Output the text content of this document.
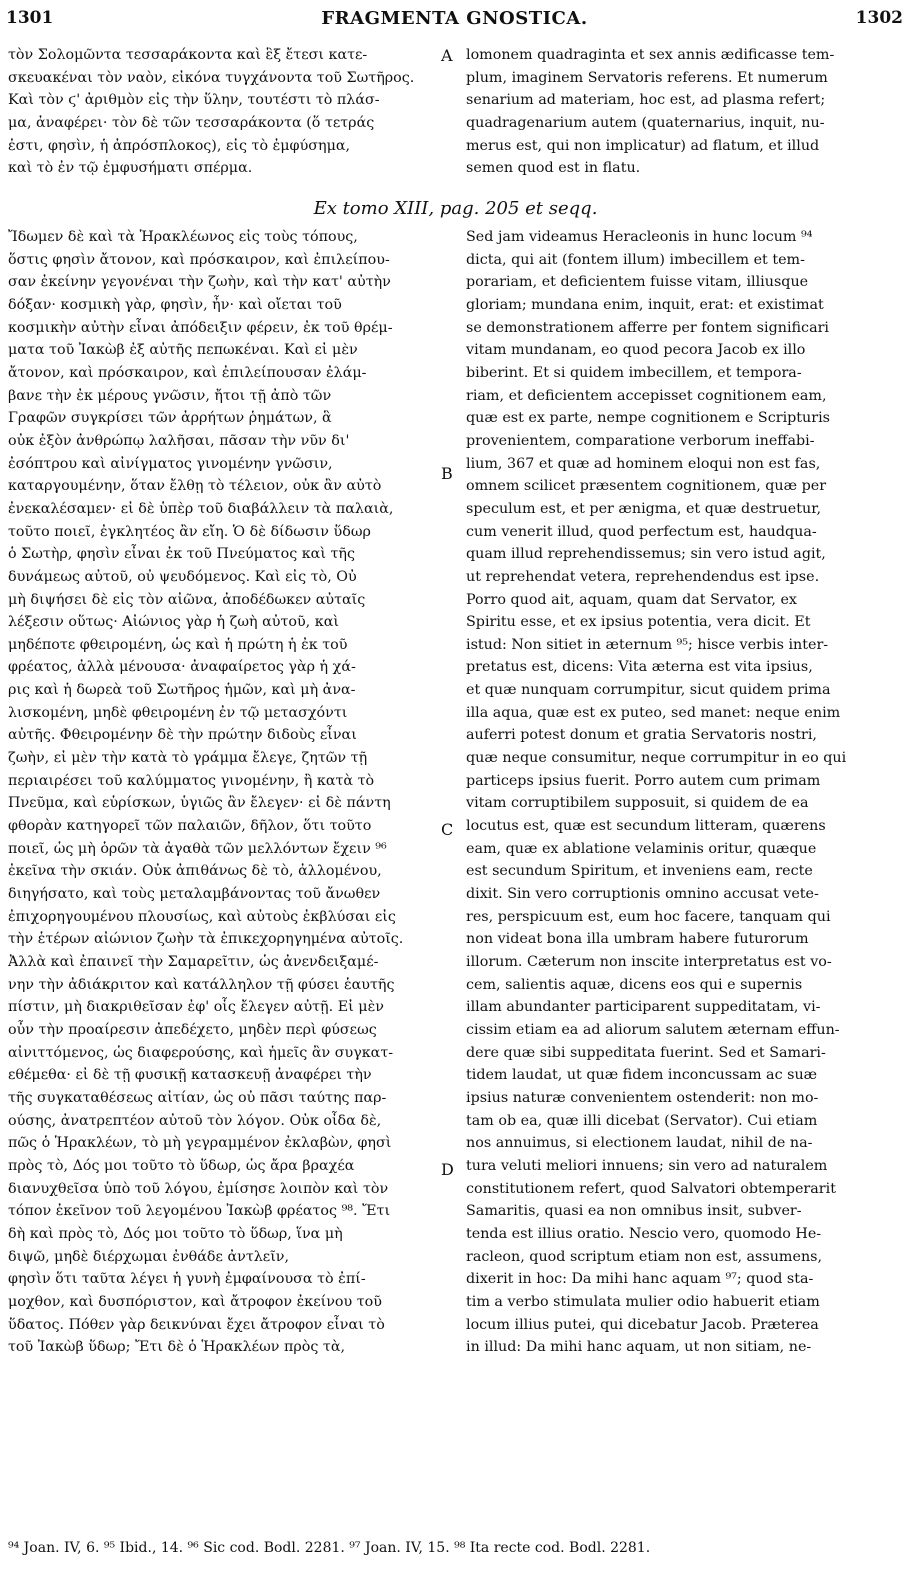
1301	FRAGMENTA GNOSTICA.	1302
τὸν Σολομῶντα τεσσαράκοντα καὶ ἓξ ἔτεσι κατε-
σκευακέναι τὸν ναὸν, εἰκόνα τυγχάνοντα τοῦ Σωτῆρος.
Καὶ τὸν ϛ' ἀριθμὸν εἰς τὴν ὕλην, τουτέστι τὸ πλάσ-
μα, ἀναφέρει· τὸν δὲ τῶν τεσσαράκοντα (ὅ τετράς
ἐστι, φησὶν, ἡ ἀπρόσπλοκος), εἰς τὸ ἐμφύσημα,
καὶ τὸ ἐν τῷ ἐμφυσήματι σπέρμα.
lomonem quadraginta et sex annis ædificasse tem-
plum, imaginem Servatoris referens. Et numerum
senarium ad materiam, hoc est, ad plasma refert;
quadragenarium autem (quaternarius, inquit, nu-
merus est, qui non implicatur) ad flatum, et illud
semen quod est in flatu.
Ex tomo XIII, pag. 205 et seqq.
Ἴδωμεν δὲ καὶ τὰ Ἡρακλέωνος εἰς τοὺς τόπους,
ὅστις φησὶν ἄτονον, καὶ πρόσκαιρον, καὶ ἐπιλείπου-
σαν ἐκείνην γεγονέναι τὴν ζωὴν, καὶ τὴν κατ' αὐτὴν
δόξαν· κοσμικὴ γὰρ, φησὶν, ἦν· καὶ οἴεται τοῦ
κοσμικὴν αὐτὴν εἶναι ἀπόδειξιν φέρειν, ἐκ τοῦ θρέμ-
ματα τοῦ Ἰακὼβ ἐξ αὐτῆς πεπωκέναι. Καὶ εἰ μὲν
ἄτονον, καὶ πρόσκαιρον, καὶ ἐπιλείπουσαν ἐλάμ-
βανε τὴν ἐκ μέρους γνῶσιν, ἤτοι τῇ ἀπὸ τῶν
Γραφῶν συγκρίσει τῶν ἀρρήτων ῥημάτων, ἃ
οὐκ ἐξὸν ἀνθρώπῳ λαλῆσαι, πᾶσαν τὴν νῦν δι'
ἐσόπτρου καὶ αἰνίγματος γινομένην γνῶσιν,
καταργουμένην, ὅταν ἔλθῃ τὸ τέλειον, οὐκ ἂν αὐτὸ
ἐνεκαλέσαμεν· εἰ δὲ ὑπὲρ τοῦ διαβάλλειν τὰ παλαιὰ,
τοῦτο ποιεῖ, ἐγκλητέος ἂν εἴη. Ὁ δὲ δίδωσιν ὕδωρ
ὁ Σωτὴρ, φησὶν εἶναι ἐκ τοῦ Πνεύματος καὶ τῆς
δυνάμεως αὐτοῦ, οὐ ψευδόμενος. Καὶ εἰς τὸ, Οὐ
μὴ διψήσει δὲ εἰς τὸν αἰῶνα, ἀποδέδωκεν αὐταῖς
λέξεσιν οὕτως· Αἰώνιος γὰρ ἡ ζωὴ αὐτοῦ, καὶ
μηδέποτε φθειρομένη, ὡς καὶ ἡ πρώτη ἡ ἐκ τοῦ
φρέατος, ἀλλὰ μένουσα· ἀναφαίρετος γὰρ ἡ χά-
ρις καὶ ἡ δωρεὰ τοῦ Σωτῆρος ἡμῶν, καὶ μὴ ἀνα-
λισκομένη, μηδὲ φθειρομένη ἐν τῷ μετασχόντι
αὐτῆς. Φθειρομένην δὲ τὴν πρώτην διδοὺς εἶναι
ζωὴν, εἰ μὲν τὴν κατὰ τὸ γράμμα ἔλεγε, ζητῶν τῇ
περιαιρέσει τοῦ καλύμματος γινομένην, ἢ κατὰ τὸ
Πνεῦμα, καὶ εὑρίσκων, ὑγιῶς ἂν ἔλεγεν· εἰ δὲ πάντη
φθορὰν κατηγορεῖ τῶν παλαιῶν, δῆλον, ὅτι τοῦτο
ποιεῖ, ὡς μὴ ὁρῶν τὰ ἀγαθὰ τῶν μελλόντων ἔχειν ⁹⁶
ἐκεῖνα τὴν σκιάν. Οὐκ ἀπιθάνως δὲ τὸ, ἀλλομένου,
διηγήσατο, καὶ τοὺς μεταλαμβάνοντας τοῦ ἄνωθεν
ἐπιχορηγουμένου πλουσίως, καὶ αὐτοὺς ἐκβλύσαι εἰς
τὴν ἑτέρων αἰώνιον ζωὴν τὰ ἐπικεχορηγημένα αὐτοῖς.
Ἀλλὰ καὶ ἐπαινεῖ τὴν Σαμαρεῖτιν, ὡς ἀνενδειξαμέ-
νην τὴν ἀδιάκριτον καὶ κατάλληλον τῇ φύσει ἑαυτῆς
πίστιν, μὴ διακριθεῖσαν ἐφ' οἷς ἔλεγεν αὐτῇ. Εἰ μὲν
οὖν τὴν προαίρεσιν ἀπεδέχετο, μηδὲν περὶ φύσεως
αἰνιττόμενος, ὡς διαφερούσης, καὶ ἡμεῖς ἂν συγκατ-
εθέμεθα· εἰ δὲ τῇ φυσικῇ κατασκευῇ ἀναφέρει τὴν
τῆς συγκαταθέσεως αἰτίαν, ὡς οὐ πᾶσι ταύτης παρ-
ούσης, ἀνατρεπτέον αὐτοῦ τὸν λόγον. Οὐκ οἶδα δὲ,
πῶς ὁ Ἡρακλέων, τὸ μὴ γεγραμμένον ἐκλαβὼν, φησὶ
πρὸς τὸ, Δός μοι τοῦτο τὸ ὕδωρ, ὡς ἄρα βραχέα
διανυχθεῖσα ὑπὸ τοῦ λόγου, ἐμίσησε λοιπὸν καὶ τὸν
τόπον ἐκεῖνον τοῦ λεγομένου Ἰακὼβ φρέατος ⁹⁸. Ἔτι
δὴ καὶ πρὸς τὸ, Δός μοι τοῦτο τὸ ὕδωρ, ἵνα μὴ
διψῶ, μηδὲ διέρχωμαι ἐνθάδε ἀντλεῖν,
φησὶν ὅτι ταῦτα λέγει ἡ γυνὴ ἐμφαίνουσα τὸ ἐπί-
μοχθον, καὶ δυσπόριστον, καὶ ἄτροφον ἐκείνου τοῦ
ὕδατος. Πόθεν γὰρ δεικνύναι ἔχει ἄτροφον εἶναι τὸ
τοῦ Ἰακὼβ ὕδωρ; Ἔτι δὲ ὁ Ἡρακλέων πρὸς τὰ,
Sed jam videamus Heracleonis in hunc locum ⁹⁴
dicta, qui ait (fontem illum) imbecillem et tem-
porariam, et deficientem fuisse vitam, illiusque
gloriam; mundana enim, inquit, erat: et existimat
se demonstrationem afferre per fontem significari
vitam mundanam, eo quod pecora Jacob ex illo
biberint. Et si quidem imbecillem, et tempora-
riam, et deficientem accepisset cognitionem eam,
quæ est ex parte, nempe cognitionem e Scripturis
provenientem, comparatione verborum ineffabi-
lium, 367 et quæ ad hominem eloqui non est fas,
omnem scilicet præsentem cognitionem, quæ per
speculum est, et per ænigma, et quæ destruetur,
cum venerit illud, quod perfectum est, haudqua-
quam illud reprehendissemus; sin vero istud agit,
ut reprehendat vetera, reprehendendus est ipse.
Porro quod ait, aquam, quam dat Servator, ex
Spiritu esse, et ex ipsius potentia, vera dicit. Et
istud: Non sitiet in æternum ⁹⁵; hisce verbis inter-
pretatus est, dicens: Vita æterna est vita ipsius,
et quæ nunquam corrumpitur, sicut quidem prima
illa aqua, quæ est ex puteo, sed manet: neque enim
auferri potest donum et gratia Servatoris nostri,
quæ neque consumitur, neque corrumpitur in eo qui
particeps ipsius fuerit. Porro autem cum primam
vitam corruptibilem supposuit, si quidem de ea
locutus est, quæ est secundum litteram, quærens
eam, quæ ex ablatione velaminis oritur, quæque
est secundum Spiritum, et inveniens eam, recte
dixit. Sin vero corruptionis omnino accusat vete-
res, perspicuum est, eum hoc facere, tanquam qui
non videat bona illa umbram habere futurorum
illorum. Cæterum non inscite interpretatus est vo-
cem, salientis aquæ, dicens eos qui e supernis
illam abundanter participarent suppeditatam, vi-
cissim etiam ea ad aliorum salutem æternam effun-
dere quæ sibi suppeditata fuerint. Sed et Samari-
tidem laudat, ut quæ fidem inconcussam ac suæ
ipsius naturæ convenientem ostenderit: non mo-
tam ob ea, quæ illi dicebat (Servator). Cui etiam
nos annuimus, si electionem laudat, nihil de na-
tura veluti meliori innuens; sin vero ad naturalem
constitutionem refert, quod Salvatori obtemperarit
Samaritis, quasi ea non omnibus insit, subver-
tenda est illius oratio. Nescio vero, quomodo He-
racleon, quod scriptum etiam non est, assumens,
dixerit in hoc: Da mihi hanc aquam ⁹⁷; quod sta-
tim a verbo stimulata mulier odio habuerit etiam
locum illius putei, qui dicebatur Jacob. Præterea
in illud: Da mihi hanc aquam, ut non sitiam, ne-
A
B
C
D
⁹⁴ Joan. IV, 6. ⁹⁵ Ibid., 14. ⁹⁶ Sic cod. Bodl. 2281. ⁹⁷ Joan. IV, 15. ⁹⁸ Ita recte cod. Bodl. 2281.
